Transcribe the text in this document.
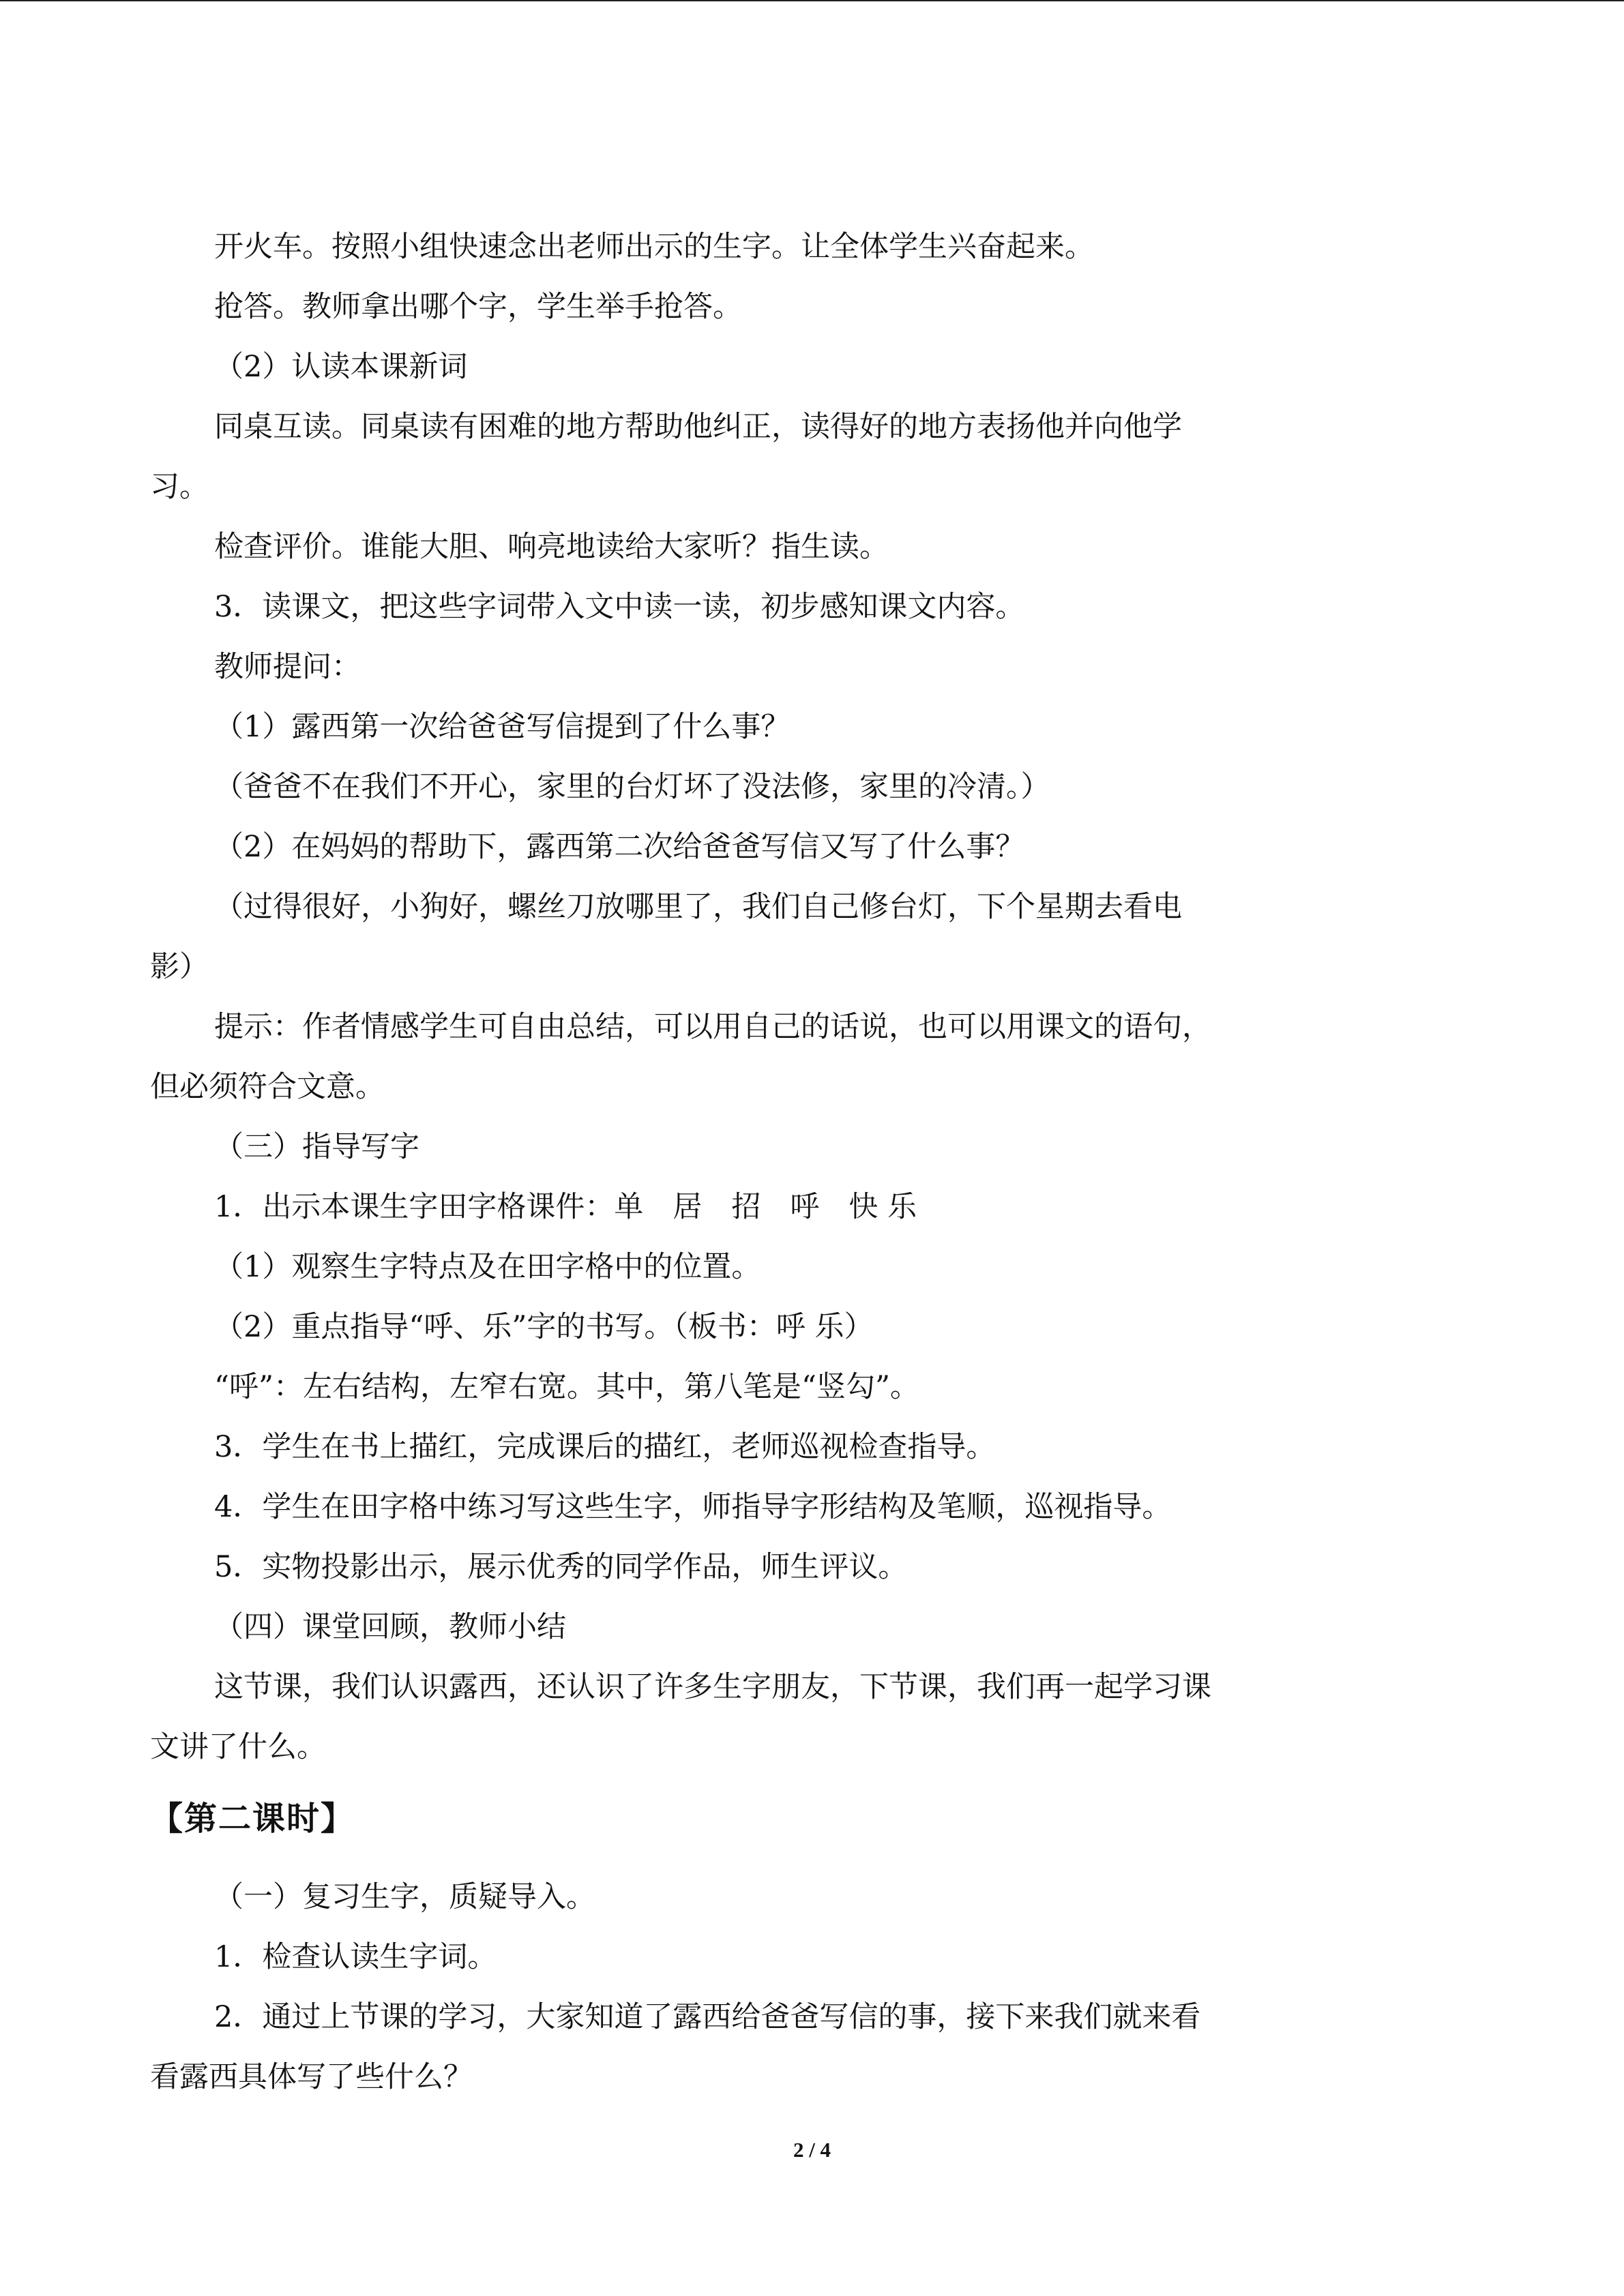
开火车。按照小组快速念出老师出示的生字。让全体学生兴奋起来。

抢答。教师拿出哪个字，学生举手抢答。

（2）认读本课新词

同桌互读。同桌读有困难的地方帮助他纠正，读得好的地方表扬他并向他学

习。

检查评价。谁能大胆、响亮地读给大家听？指生读。

3．读课文，把这些字词带入文中读一读，初步感知课文内容。

教师提问：

（1）露西第一次给爸爸写信提到了什么事？

（爸爸不在我们不开心，家里的台灯坏了没法修，家里的冷清。）

（2）在妈妈的帮助下，露西第二次给爸爸写信又写了什么事？

（过得很好，小狗好，螺丝刀放哪里了，我们自己修台灯，下个星期去看电

影）

提示：作者情感学生可自由总结，可以用自己的话说，也可以用课文的语句，

但必须符合文意。

（三）指导写字

1．出示本课生字田字格课件：单　居　招　呼　快 乐

（1）观察生字特点及在田字格中的位置。

（2）重点指导“呼、乐”字的书写。（板书：呼 乐）

“呼”：左右结构，左窄右宽。其中，第八笔是“竖勾”。

3．学生在书上描红，完成课后的描红，老师巡视检查指导。

4．学生在田字格中练习写这些生字，师指导字形结构及笔顺，巡视指导。

5．实物投影出示，展示优秀的同学作品，师生评议。

（四）课堂回顾，教师小结

这节课，我们认识露西，还认识了许多生字朋友，下节课，我们再一起学习课

文讲了什么。

【第二课时】

（一）复习生字，质疑导入。

1．检查认读生字词。

2．通过上节课的学习，大家知道了露西给爸爸写信的事，接下来我们就来看

看露西具体写了些什么？

2 / 4
